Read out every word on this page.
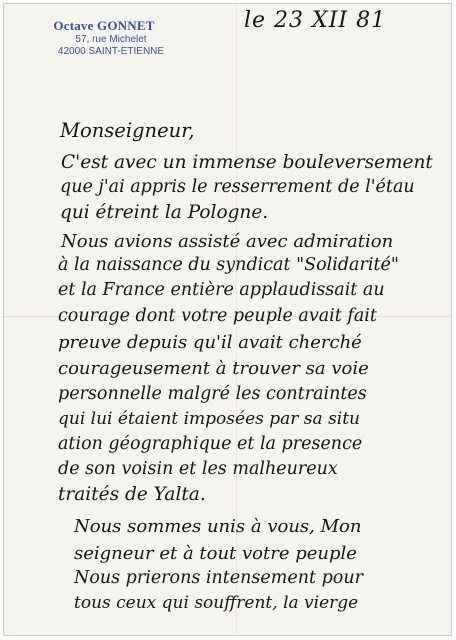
Octave GONNET
57, rue Michelet
42000 SAINT-ETIENNE
le 23 XII 81
Monseigneur,
C'est avec un immense bouleversement
que j'ai appris le resserrement de l'étau
qui étreint la Pologne.
Nous avions assisté avec admiration
à la naissance du syndicat "Solidarité"
et la France entière applaudissait au
courage dont votre peuple avait fait
preuve depuis qu'il avait cherché
courageusement à trouver sa voie
personnelle malgré les contraintes
qui lui étaient imposées par sa situ
ation géographique et la presence
de son voisin et les malheureux
traités de Yalta.
Nous sommes unis à vous, Mon
seigneur et à tout votre peuple
Nous prierons intensement pour
tous ceux qui souffrent, la vierge
